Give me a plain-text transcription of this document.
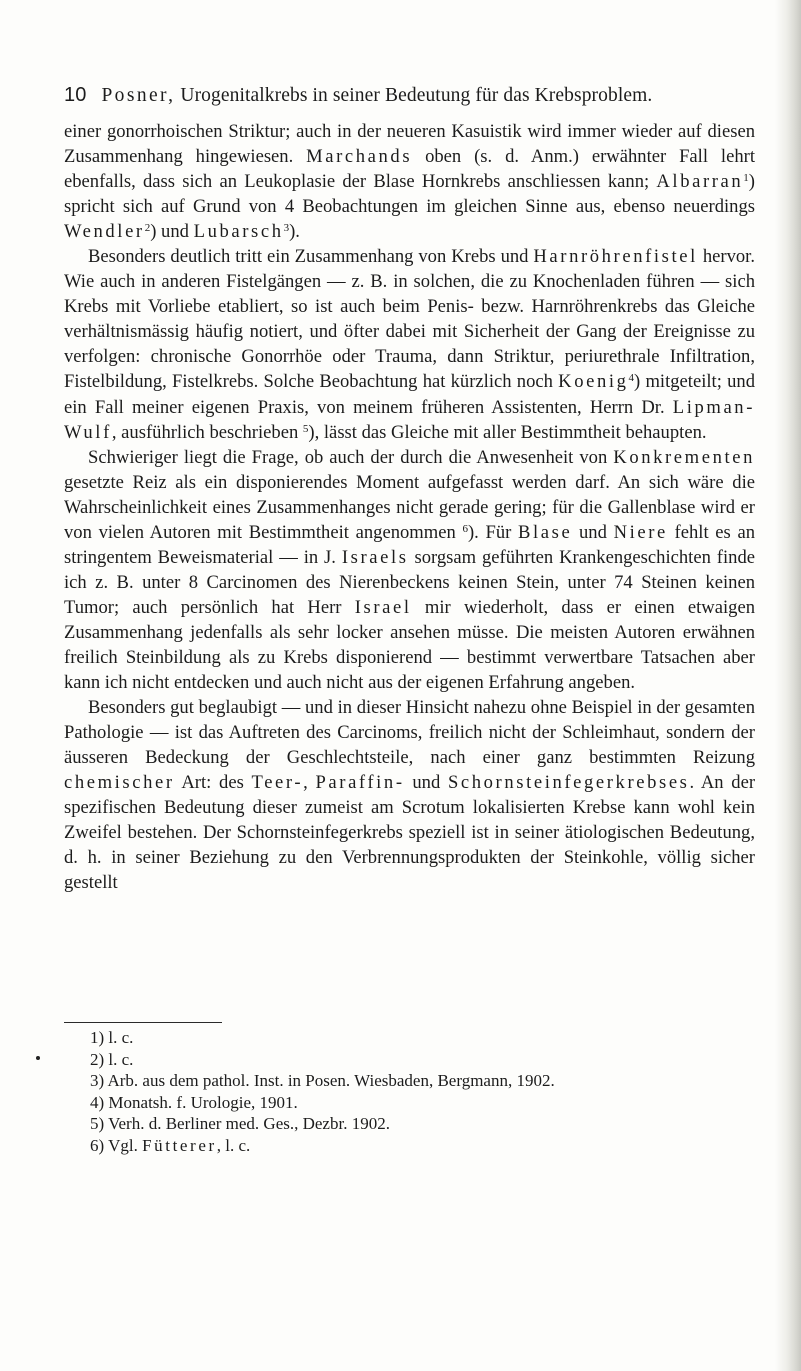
10 Posner, Urogenitalkrebs in seiner Bedeutung für das Krebsproblem.

einer gonorrhoischen Striktur; auch in der neueren Kasuistik wird immer wieder auf diesen Zusammenhang hingewiesen. Marchands oben (s. d. Anm.) erwähnter Fall lehrt ebenfalls, dass sich an Leukoplasie der Blase Hornkrebs anschliessen kann; Albarran$^1$) spricht sich auf Grund von 4 Beobachtungen im gleichen Sinne aus, ebenso neuerdings Wendler$^2$) und Lubarsch$^3$).

Besonders deutlich tritt ein Zusammenhang von Krebs und Harnröhrenfistel hervor. Wie auch in anderen Fistelgängen — z. B. in solchen, die zu Knochenladen führen — sich Krebs mit Vorliebe etabliert, so ist auch beim Penis- bezw. Harnröhrenkrebs das Gleiche verhältnismässig häufig notiert, und öfter dabei mit Sicherheit der Gang der Ereignisse zu verfolgen: chronische Gonorrhöe oder Trauma, dann Striktur, periurethrale Infiltration, Fistelbildung, Fistelkrebs. Solche Beobachtung hat kürzlich noch Koenig$^4$) mitgeteilt; und ein Fall meiner eigenen Praxis, von meinem früheren Assistenten, Herrn Dr. Lipman-Wulf, ausführlich beschrieben $^5$), lässt das Gleiche mit aller Bestimmtheit behaupten.

Schwieriger liegt die Frage, ob auch der durch die Anwesenheit von Konkrementen gesetzte Reiz als ein disponierendes Moment aufgefasst werden darf. An sich wäre die Wahrscheinlichkeit eines Zusammenhanges nicht gerade gering; für die Gallenblase wird er von vielen Autoren mit Bestimmtheit angenommen $^6$). Für Blase und Niere fehlt es an stringentem Beweismaterial — in J. Israels sorgsam geführten Krankengeschichten finde ich z. B. unter 8 Carcinomen des Nierenbeckens keinen Stein, unter 74 Steinen keinen Tumor; auch persönlich hat Herr Israel mir wiederholt, dass er einen etwaigen Zusammenhang jedenfalls als sehr locker ansehen müsse. Die meisten Autoren erwähnen freilich Steinbildung als zu Krebs disponierend — bestimmt verwertbare Tatsachen aber kann ich nicht entdecken und auch nicht aus der eigenen Erfahrung angeben.

Besonders gut beglaubigt — und in dieser Hinsicht nahezu ohne Beispiel in der gesamten Pathologie — ist das Auftreten des Carcinoms, freilich nicht der Schleimhaut, sondern der äusseren Bedeckung der Geschlechtsteile, nach einer ganz bestimmten Reizung chemischer Art: des Teer-, Paraffin- und Schornsteinfegerkrebses. An der spezifischen Bedeutung dieser zumeist am Scrotum lokalisierten Krebse kann wohl kein Zweifel bestehen. Der Schornsteinfegerkrebs speziell ist in seiner ätiologischen Bedeutung, d. h. in seiner Beziehung zu den Verbrennungsprodukten der Steinkohle, völlig sicher gestellt

1) l. c.
2) l. c.
3) Arb. aus dem pathol. Inst. in Posen. Wiesbaden, Bergmann, 1902.
4) Monatsh. f. Urologie, 1901.
5) Verh. d. Berliner med. Ges., Dezbr. 1902.
6) Vgl. Fütterer, l. c.
